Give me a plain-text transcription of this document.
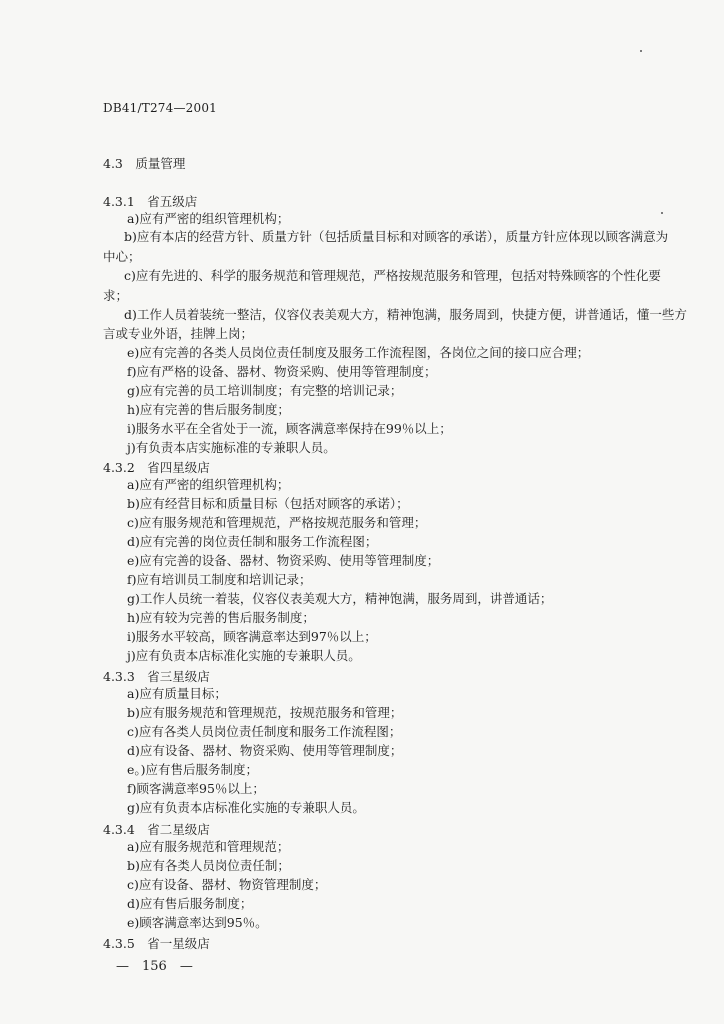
DB41/T274—2001
4.3　质量管理
4.3.1　省五级店
a)应有严密的组织管理机构；
b)应有本店的经营方针、质量方针（包括质量目标和对顾客的承诺），质量方针应体现以顾客满意为
中心；
c)应有先进的、科学的服务规范和管理规范，严格按规范服务和管理，包括对特殊顾客的个性化要
求；
d)工作人员着装统一整洁，仪容仪表美观大方，精神饱满，服务周到，快捷方便，讲普通话，懂一些方
言或专业外语，挂牌上岗；
e)应有完善的各类人员岗位责任制度及服务工作流程图，各岗位之间的接口应合理；
f)应有严格的设备、器材、物资采购、使用等管理制度；
g)应有完善的员工培训制度；有完整的培训记录；
h)应有完善的售后服务制度；
i)服务水平在全省处于一流，顾客满意率保持在99％以上；
j)有负责本店实施标准的专兼职人员。
4.3.2　省四星级店
a)应有严密的组织管理机构；
b)应有经营目标和质量目标（包括对顾客的承诺）；
c)应有服务规范和管理规范，严格按规范服务和管理；
d)应有完善的岗位责任制和服务工作流程图；
e)应有完善的设备、器材、物资采购、使用等管理制度；
f)应有培训员工制度和培训记录；
g)工作人员统一着装，仪容仪表美观大方，精神饱满，服务周到，讲普通话；
h)应有较为完善的售后服务制度；
i)服务水平较高，顾客满意率达到97％以上；
j)应有负责本店标准化实施的专兼职人员。
4.3.3　省三星级店
a)应有质量目标；
b)应有服务规范和管理规范，按规范服务和管理；
c)应有各类人员岗位责任制度和服务工作流程图；
d)应有设备、器材、物资采购、使用等管理制度；
e。)应有售后服务制度；
f)顾客满意率95％以上；
g)应有负责本店标准化实施的专兼职人员。
4.3.4　省二星级店
a)应有服务规范和管理规范；
b)应有各类人员岗位责任制；
c)应有设备、器材、物资管理制度；
d)应有售后服务制度；
e)顾客满意率达到95％。
4.3.5　省一星级店
—　156　—
